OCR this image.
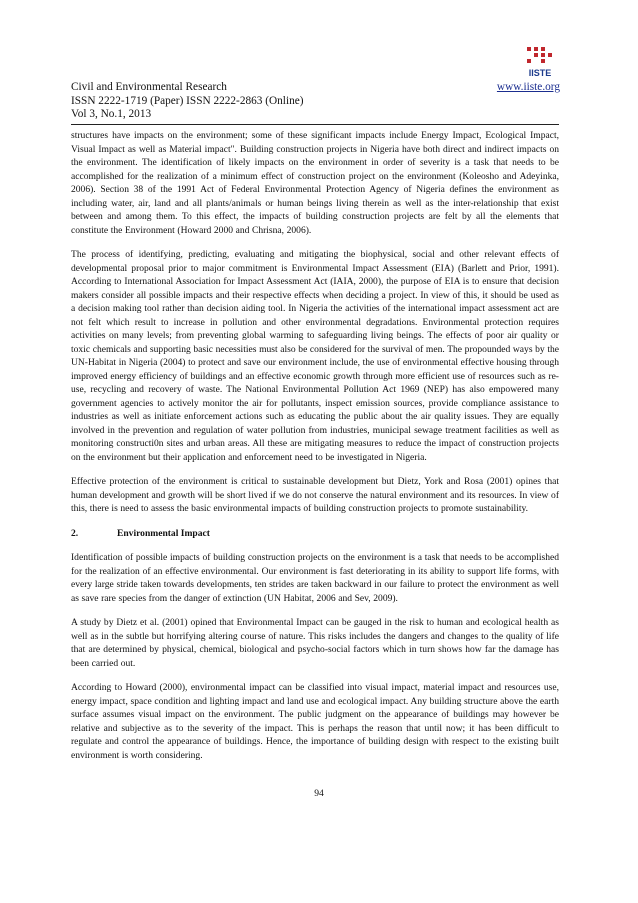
Civil and Environmental Research
ISSN 2222-1719 (Paper) ISSN 2222-2863 (Online)
Vol 3, No.1, 2013
www.iiste.org
IISTE

structures have impacts on the environment; some of these significant impacts include Energy Impact, Ecological Impact, Visual Impact as well as Material impact". Building construction projects in Nigeria have both direct and indirect impacts on the environment. The identification of likely impacts on the environment in order of severity is a task that needs to be accomplished for the realization of a minimum effect of construction project on the environment (Koleosho and Adeyinka, 2006). Section 38 of the 1991 Act of Federal Environmental Protection Agency of Nigeria defines the environment as including water, air, land and all plants/animals or human beings living therein as well as the inter-relationship that exist between and among them. To this effect, the impacts of building construction projects are felt by all the elements that constitute the Environment (Howard 2000 and Chrisna, 2006).

The process of identifying, predicting, evaluating and mitigating the biophysical, social and other relevant effects of developmental proposal prior to major commitment is Environmental Impact Assessment (EIA) (Barlett and Prior, 1991). According to International Association for Impact Assessment Act (IAIA, 2000), the purpose of EIA is to ensure that decision makers consider all possible impacts and their respective effects when deciding a project. In view of this, it should be used as a decision making tool rather than decision aiding tool. In Nigeria the activities of the international impact assessment act are not felt which result to increase in pollution and other environmental degradations. Environmental protection requires activities on many levels; from preventing global warming to safeguarding living beings. The effects of poor air quality or toxic chemicals and supporting basic necessities must also be considered for the survival of men. The propounded ways by the UN-Habitat in Nigeria (2004) to protect and save our environment include, the use of environmental effective housing through improved energy efficiency of buildings and an effective economic growth through more efficient use of resources such as re-use, recycling and recovery of waste. The National Environmental Pollution Act 1969 (NEP) has also empowered many government agencies to actively monitor the air for pollutants, inspect emission sources, provide compliance assistance to industries as well as initiate enforcement actions such as educating the public about the air quality issues. They are equally involved in the prevention and regulation of water pollution from industries, municipal sewage treatment facilities as well as monitoring constructi0n sites and urban areas. All these are mitigating measures to reduce the impact of construction projects on the environment but their application and enforcement need to be investigated in Nigeria.

Effective protection of the environment is critical to sustainable development but Dietz, York and Rosa (2001) opines that human development and growth will be short lived if we do not conserve the natural environment and its resources. In view of this, there is need to assess the basic environmental impacts of building construction projects to promote sustainability.

2.	Environmental Impact

Identification of possible impacts of building construction projects on the environment is a task that needs to be accomplished for the realization of an effective environmental. Our environment is fast deteriorating in its ability to support life forms, with every large stride taken towards developments, ten strides are taken backward in our failure to protect the environment as well as save rare species from the danger of extinction (UN Habitat, 2006 and Sev, 2009).

A study by Dietz et al. (2001) opined that Environmental Impact can be gauged in the risk to human and ecological health as well as in the subtle but horrifying altering course of nature. This risks includes the dangers and changes to the quality of life that are determined by physical, chemical, biological and psycho-social factors which in turn shows how far the damage has been carried out.

According to Howard (2000), environmental impact can be classified into visual impact, material impact and resources use, energy impact, space condition and lighting impact and land use and ecological impact. Any building structure above the earth surface assumes visual impact on the environment. The public judgment on the appearance of buildings may however be relative and subjective as to the severity of the impact. This is perhaps the reason that until now; it has been difficult to regulate and control the appearance of buildings. Hence, the importance of building design with respect to the existing built environment is worth considering.

94
